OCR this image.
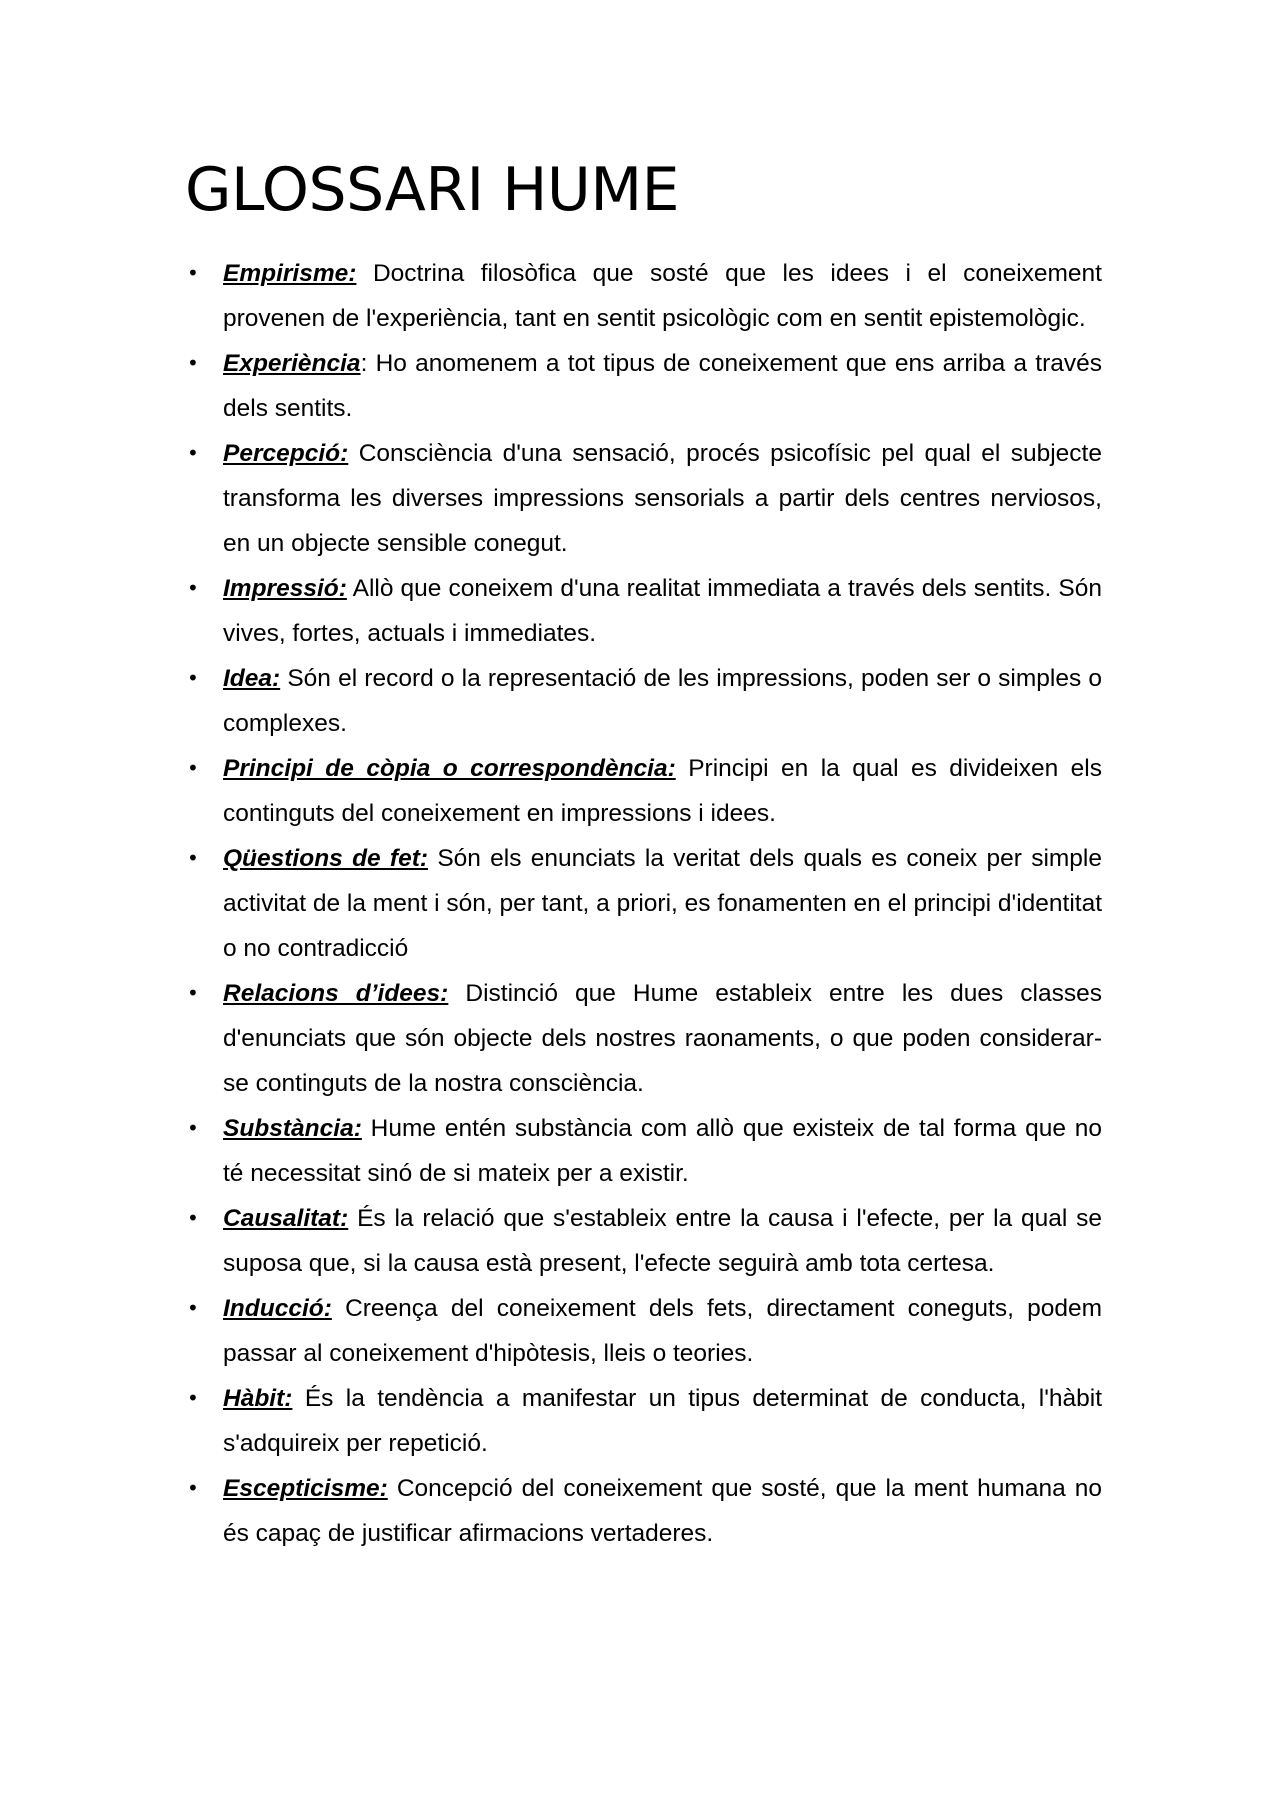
GLOSSARI HUME
• Empirisme: Doctrina filosòfica que sosté que les idees i el coneixement provenen de l'experiència, tant en sentit psicològic com en sentit epistemològic.
• Experiència: Ho anomenem a tot tipus de coneixement que ens arriba a través dels sentits.
• Percepció: Consciència d'una sensació, procés psicofísic pel qual el subjecte transforma les diverses impressions sensorials a partir dels centres nerviosos, en un objecte sensible conegut.
• Impressió: Allò que coneixem d'una realitat immediata a través dels sentits. Són vives, fortes, actuals i immediates.
• Idea: Són el record o la representació de les impressions, poden ser o simples o complexes.
• Principi de còpia o correspondència: Principi en la qual es divideixen els continguts del coneixement en impressions i idees.
• Qüestions de fet: Són els enunciats la veritat dels quals es coneix per simple activitat de la ment i són, per tant, a priori, es fonamenten en el principi d'identitat o no contradicció
• Relacions d’idees: Distinció que Hume estableix entre les dues classes d'enunciats que són objecte dels nostres raonaments, o que poden considerar-se continguts de la nostra consciència.
• Substància: Hume entén substància com allò que existeix de tal forma que no té necessitat sinó de si mateix per a existir.
• Causalitat: És la relació que s'estableix entre la causa i l'efecte, per la qual se suposa que, si la causa està present, l'efecte seguirà amb tota certesa.
• Inducció: Creença del coneixement dels fets, directament coneguts, podem passar al coneixement d'hipòtesis, lleis o teories.
• Hàbit: És la tendència a manifestar un tipus determinat de conducta, l'hàbit s'adquireix per repetició.
• Escepticisme: Concepció del coneixement que sosté, que la ment humana no és capaç de justificar afirmacions vertaderes.
